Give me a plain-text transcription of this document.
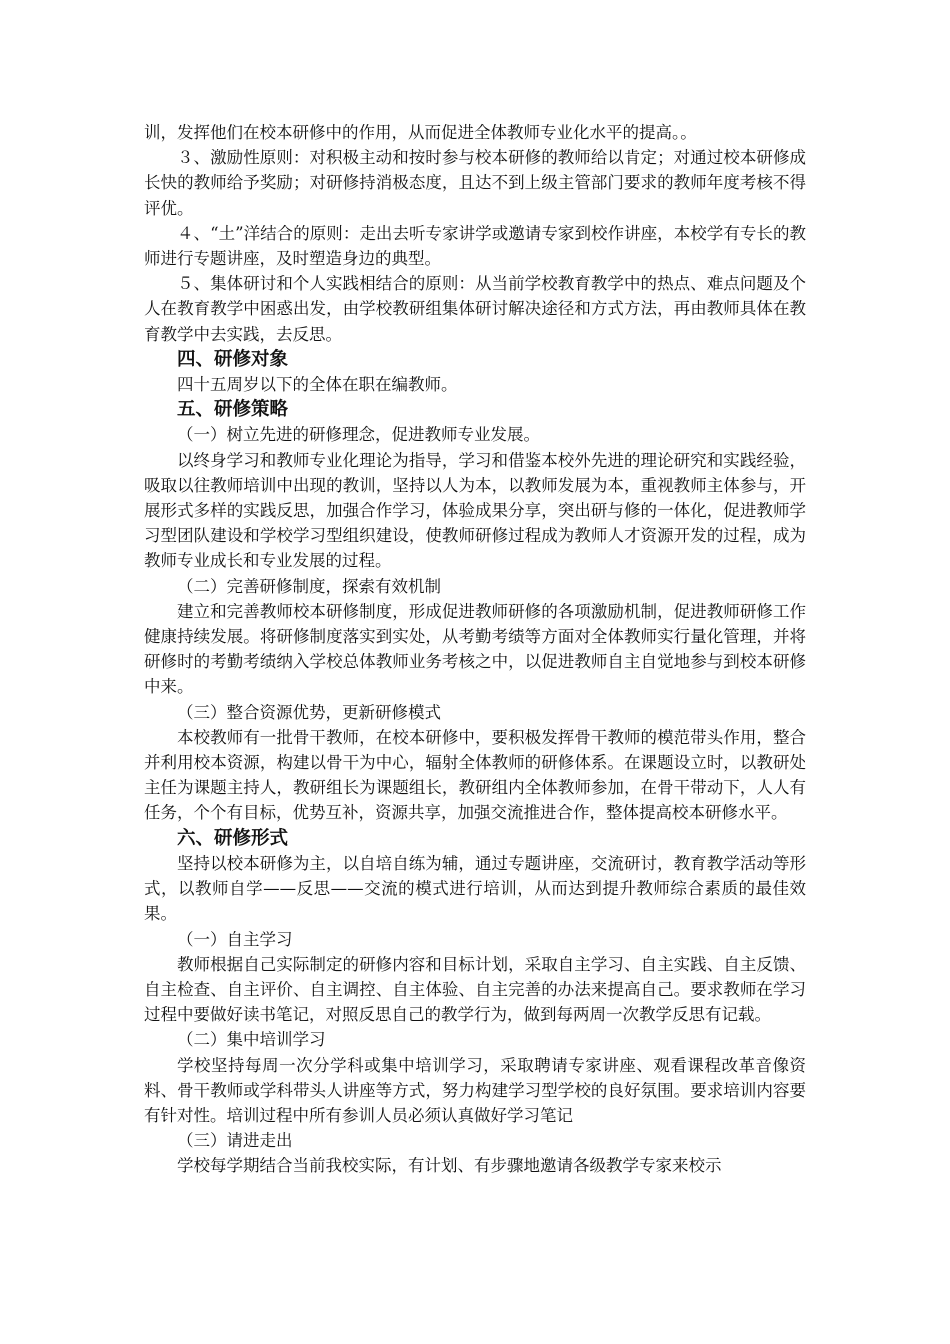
训，发挥他们在校本研修中的作用，从而促进全体教师专业化水平的提高。。

３、激励性原则：对积极主动和按时参与校本研修的教师给以肯定；对通过校本研修成长快的教师给予奖励；对研修持消极态度，且达不到上级主管部门要求的教师年度考核不得评优。

４、“土”洋结合的原则：走出去听专家讲学或邀请专家到校作讲座，本校学有专长的教师进行专题讲座，及时塑造身边的典型。

５、集体研讨和个人实践相结合的原则：从当前学校教育教学中的热点、难点问题及个人在教育教学中困惑出发，由学校教研组集体研讨解决途径和方式方法，再由教师具体在教育教学中去实践，去反思。

四、研修对象

四十五周岁以下的全体在职在编教师。

五、研修策略

（一）树立先进的研修理念，促进教师专业发展。

以终身学习和教师专业化理论为指导，学习和借鉴本校外先进的理论研究和实践经验，吸取以往教师培训中出现的教训，坚持以人为本，以教师发展为本，重视教师主体参与，开展形式多样的实践反思，加强合作学习，体验成果分享，突出研与修的一体化，促进教师学习型团队建设和学校学习型组织建设，使教师研修过程成为教师人才资源开发的过程，成为教师专业成长和专业发展的过程。

（二）完善研修制度，探索有效机制

建立和完善教师校本研修制度，形成促进教师研修的各项激励机制，促进教师研修工作健康持续发展。将研修制度落实到实处，从考勤考绩等方面对全体教师实行量化管理，并将研修时的考勤考绩纳入学校总体教师业务考核之中，以促进教师自主自觉地参与到校本研修中来。

（三）整合资源优势，更新研修模式

本校教师有一批骨干教师，在校本研修中，要积极发挥骨干教师的模范带头作用，整合并利用校本资源，构建以骨干为中心，辐射全体教师的研修体系。在课题设立时，以教研处主任为课题主持人，教研组长为课题组长，教研组内全体教师参加，在骨干带动下，人人有任务，个个有目标，优势互补，资源共享，加强交流推进合作，整体提高校本研修水平。

六、研修形式

坚持以校本研修为主，以自培自练为辅，通过专题讲座，交流研讨，教育教学活动等形式，以教师自学——反思——交流的模式进行培训，从而达到提升教师综合素质的最佳效果。

（一）自主学习

教师根据自己实际制定的研修内容和目标计划，采取自主学习、自主实践、自主反馈、自主检查、自主评价、自主调控、自主体验、自主完善的办法来提高自己。要求教师在学习过程中要做好读书笔记，对照反思自己的教学行为，做到每两周一次教学反思有记载。

（二）集中培训学习

学校坚持每周一次分学科或集中培训学习，采取聘请专家讲座、观看课程改革音像资料、骨干教师或学科带头人讲座等方式，努力构建学习型学校的良好氛围。要求培训内容要有针对性。培训过程中所有参训人员必须认真做好学习笔记

（三）请进走出

学校每学期结合当前我校实际，有计划、有步骤地邀请各级教学专家来校示
